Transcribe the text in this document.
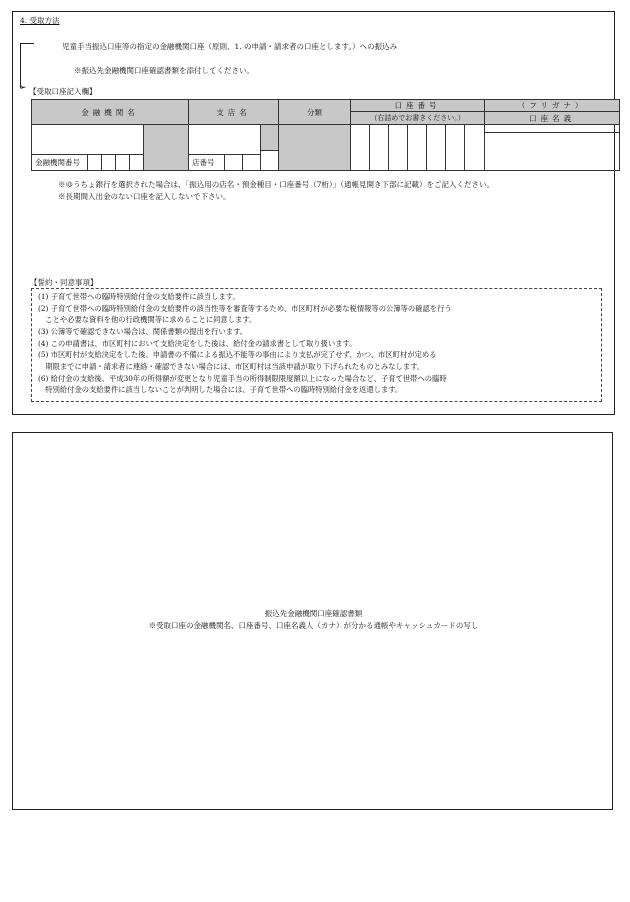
4. 受取方法
➢
児童手当振込口座等の指定の金融機関口座（原則、1. の申請・請求者の口座とします。）への振込み
※振込先金融機関口座確認書類を添付してください。
【受取口座記入欄】
金融機関名						支店名				分類	口座番号							（フリガナ）	
											（右詰めでお書きください。）							口座名義	

金融機関番号						店番号													
※ゆうちょ銀行を選択された場合は、「振込用の店名・預金種目・口座番号（7桁）」（通帳見開き下部に記載）をご記入ください。
※長期間入出金のない口座を記入しないで下さい。
【誓約・同意事項】
(1) 子育て世帯への臨時特別給付金の支給要件に該当します。
(2) 子育て世帯への臨時特別給付金の支給要件の該当性等を審査等するため、市区町村が必要な税情報等の公簿等の確認を行う
　ことや必要な資料を他の行政機関等に求めることに同意します。
(3) 公簿等で確認できない場合は、関係書類の提出を行います。
(4) この申請書は、市区町村において支給決定をした後は、給付金の請求書として取り扱います。
(5) 市区町村が支給決定をした後、申請書の不備による振込不能等の事由により支払が完了せず、かつ、市区町村が定める
　期限までに申請・請求者に連絡・確認できない場合には、市区町村は当該申請が取り下げられたものとみなします。
(6) 給付金の支給後、平成30年の所得額が変更となり児童手当の所得制限限度額以上になった場合など、子育て世帯への臨時
　特別給付金の支給要件に該当しないことが判明した場合には、子育て世帯への臨時特別給付金を返還します。
振込先金融機関口座確認書類
※受取口座の金融機関名、口座番号、口座名義人（カナ）が分かる通帳やキャッシュカードの写し
